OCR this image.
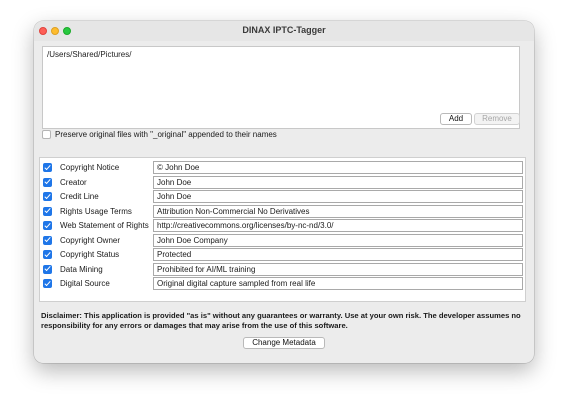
DINAX IPTC-Tagger
/Users/Shared/Pictures/
Add	Remove
Preserve original files with "_original" appended to their names
Copyright Notice	© John Doe
Creator	John Doe
Credit Line	John Doe
Rights Usage Terms	Attribution Non-Commercial No Derivatives
Web Statement of Rights	http://creativecommons.org/licenses/by-nc-nd/3.0/
Copyright Owner	John Doe Company
Copyright Status	Protected
Data Mining	Prohibited for AI/ML training
Digital Source	Original digital capture sampled from real life
Disclaimer: This application is provided "as is" without any guarantees or warranty. Use at your own risk. The developer assumes no responsibility for any errors or damages that may arise from the use of this software.
Change Metadata
